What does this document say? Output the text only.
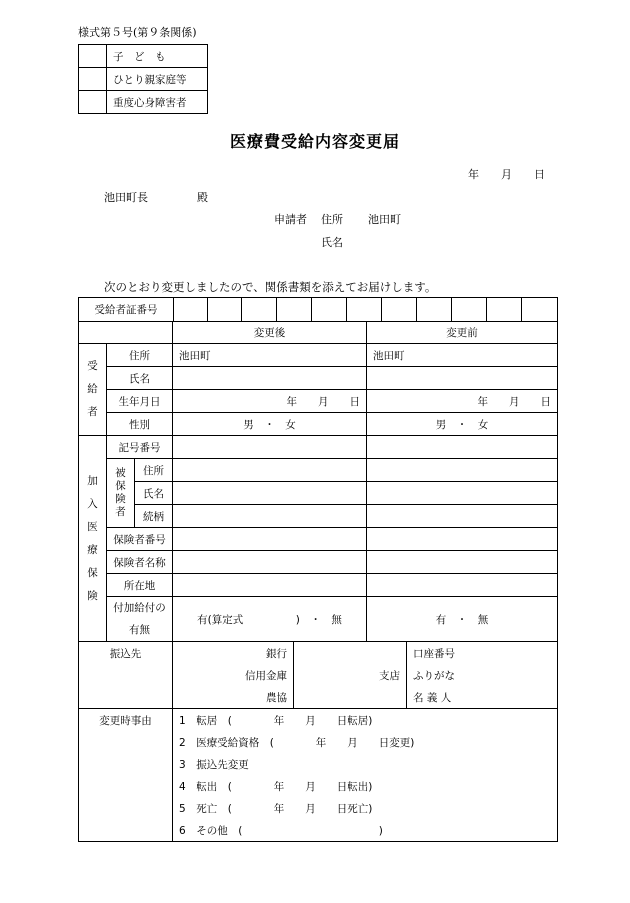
様式第５号(第９条関係)
	子　ど　も
	ひとり親家庭等
	重度心身障害者
医療費受給内容変更届
年　　月　　日
池田町長	殿
申請者 住所 池田町
氏名
次のとおり変更しましたので、関係書類を添えてお届けします。
受給者証番号											
			変更後		変更前	
受給者	住所		池田町		池田町	
	氏名					
	生年月日		年　　月　　日		年　　月　　日	
	性別		男　・　女		男　・　女	
加入医療保険	記号番号					
	被保険者	住所				
		氏名				
		続柄				
	保険者番号					
	保険者名称					
	所在地					
	付加給付の有無		有(算定式　　　　　)　・　無		有　・　無	

振込先			銀行			口座番号
			信用金庫	支店		ふりがな
			農協			名 義 人
変更時事由			1　転居　(　　　　年　　月　　日転居)			
			2　医療受給資格　(　　　　年　　月　　日変更)			
			3　振込先変更			
			4　転出　(　　　　年　　月　　日転出)			
			5　死亡　(　　　　年　　月　　日死亡)			
			6　その他　(　　　　　　　　　　　　　)			
